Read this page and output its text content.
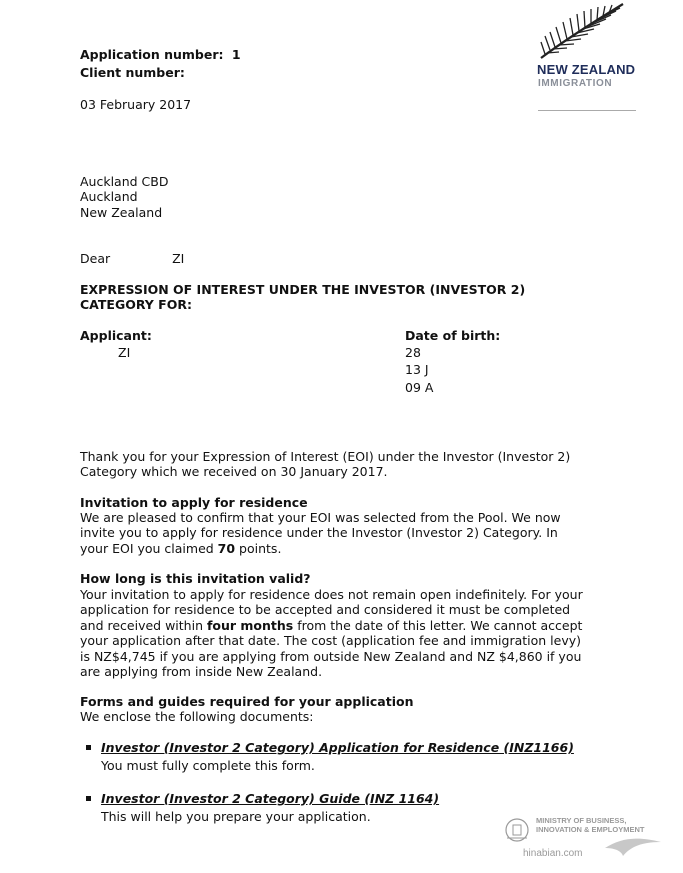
Application number: 1
Client number:
03 February 2017
NEW ZEALAND
IMMIGRATION
Auckland CBD
Auckland
New Zealand
Dear	ZI
EXPRESSION OF INTEREST UNDER THE INVESTOR (INVESTOR 2)
CATEGORY FOR:
Applicant:	Date of birth:
ZI	28
13 J
09 A
Thank you for your Expression of Interest (EOI) under the Investor (Investor 2)
Category which we received on 30 January 2017.
Invitation to apply for residence
We are pleased to confirm that your EOI was selected from the Pool. We now
invite you to apply for residence under the Investor (Investor 2) Category. In
your EOI you claimed 70 points.
How long is this invitation valid?
Your invitation to apply for residence does not remain open indefinitely. For your
application for residence to be accepted and considered it must be completed
and received within four months from the date of this letter. We cannot accept
your application after that date. The cost (application fee and immigration levy)
is NZ$4,745 if you are applying from outside New Zealand and NZ $4,860 if you
are applying from inside New Zealand.
Forms and guides required for your application
We enclose the following documents:
Investor (Investor 2 Category) Application for Residence (INZ1166)
You must fully complete this form.
Investor (Investor 2 Category) Guide (INZ 1164)
This will help you prepare your application.	MINISTRY OF BUSINESS,
INNOVATION & EMPLOYMENT
hinabian.com
